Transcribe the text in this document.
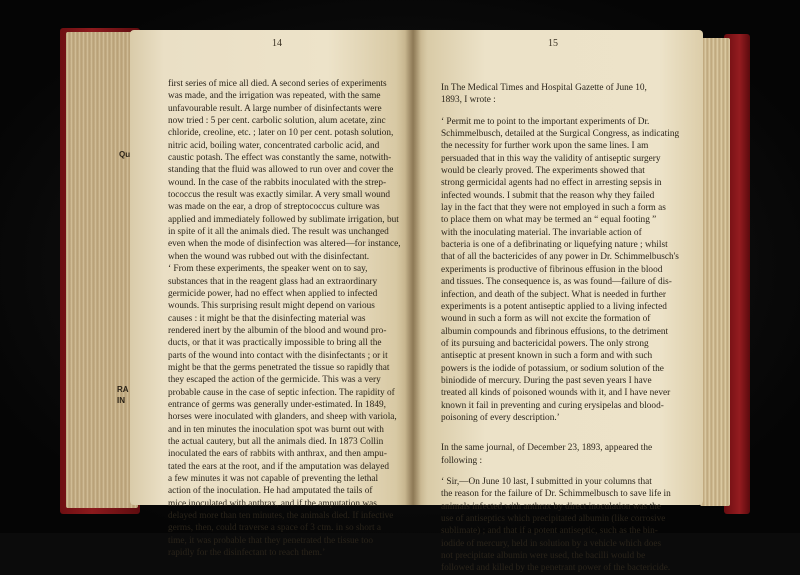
Qu
RA
IN
14
first series of mice all died. A second series of experiments
was made, and the irrigation was repeated, with the same
unfavourable result. A large number of disinfectants were
now tried : 5 per cent. carbolic solution, alum acetate, zinc
chloride, creoline, etc. ; later on 10 per cent. potash solution,
nitric acid, boiling water, concentrated carbolic acid, and
caustic potash. The effect was constantly the same, notwith-
standing that the fluid was allowed to run over and cover the
wound. In the case of the rabbits inoculated with the strep-
tococcus the result was exactly similar. A very small wound
was made on the ear, a drop of streptococcus culture was
applied and immediately followed by sublimate irrigation, but
in spite of it all the animals died. The result was unchanged
even when the mode of disinfection was altered—for instance,
when the wound was rubbed out with the disinfectant.
‘ From these experiments, the speaker went on to say,
substances that in the reagent glass had an extraordinary
germicide power, had no effect when applied to infected
wounds. This surprising result might depend on various
causes : it might be that the disinfecting material was
rendered inert by the albumin of the blood and wound pro-
ducts, or that it was practically impossible to bring all the
parts of the wound into contact with the disinfectants ; or it
might be that the germs penetrated the tissue so rapidly that
they escaped the action of the germicide. This was a very
probable cause in the case of septic infection. The rapidity of
entrance of germs was generally under-estimated. In 1849,
horses were inoculated with glanders, and sheep with variola,
and in ten minutes the inoculation spot was burnt out with
the actual cautery, but all the animals died. In 1873 Collin
inoculated the ears of rabbits with anthrax, and then ampu-
tated the ears at the root, and if the amputation was delayed
a few minutes it was not capable of preventing the lethal
action of the inoculation. He had amputated the tails of
mice inoculated with anthrax, and if the amputation was
delayed more than ten minutes, the animals died. If infective
germs, then, could traverse a space of 3 ctm. in so short a
time, it was probable that they penetrated the tissue too
rapidly for the disinfectant to reach them.’
15
In The Medical Times and Hospital Gazette of June 10,
1893, I wrote :
‘ Permit me to point to the important experiments of Dr.
Schimmelbusch, detailed at the Surgical Congress, as indicating
the necessity for further work upon the same lines. I am
persuaded that in this way the validity of antiseptic surgery
would be clearly proved. The experiments showed that
strong germicidal agents had no effect in arresting sepsis in
infected wounds. I submit that the reason why they failed
lay in the fact that they were not employed in such a form as
to place them on what may be termed an “ equal footing ”
with the inoculating material. The invariable action of
bacteria is one of a defibrinating or liquefying nature ; whilst
that of all the bactericides of any power in Dr. Schimmelbusch's
experiments is productive of fibrinous effusion in the blood
and tissues. The consequence is, as was found—failure of dis-
infection, and death of the subject. What is needed in further
experiments is a potent antiseptic applied to a living infected
wound in such a form as will not excite the formation of
albumin compounds and fibrinous effusions, to the detriment
of its pursuing and bactericidal powers. The only strong
antiseptic at present known in such a form and with such
powers is the iodide of potassium, or sodium solution of the
biniodide of mercury. During the past seven years I have
treated all kinds of poisoned wounds with it, and I have never
known it fail in preventing and curing erysipelas and blood-
poisoning of every description.’
In the same journal, of December 23, 1893, appeared the
following :
‘ Sir,—On June 10 last, I submitted in your columns that
the reason for the failure of Dr. Schimmelbusch to save life in
animals infected with anthrax by direct inoculation was the
use of antiseptics which precipitated albumin (like corrosive
sublimate) ; and that if a potent antiseptic, such as the bin-
iodide of mercury, held in solution by a vehicle which does
not precipitate albumin were used, the bacilli would be
followed and killed by the penetrant power of the bactericide.
